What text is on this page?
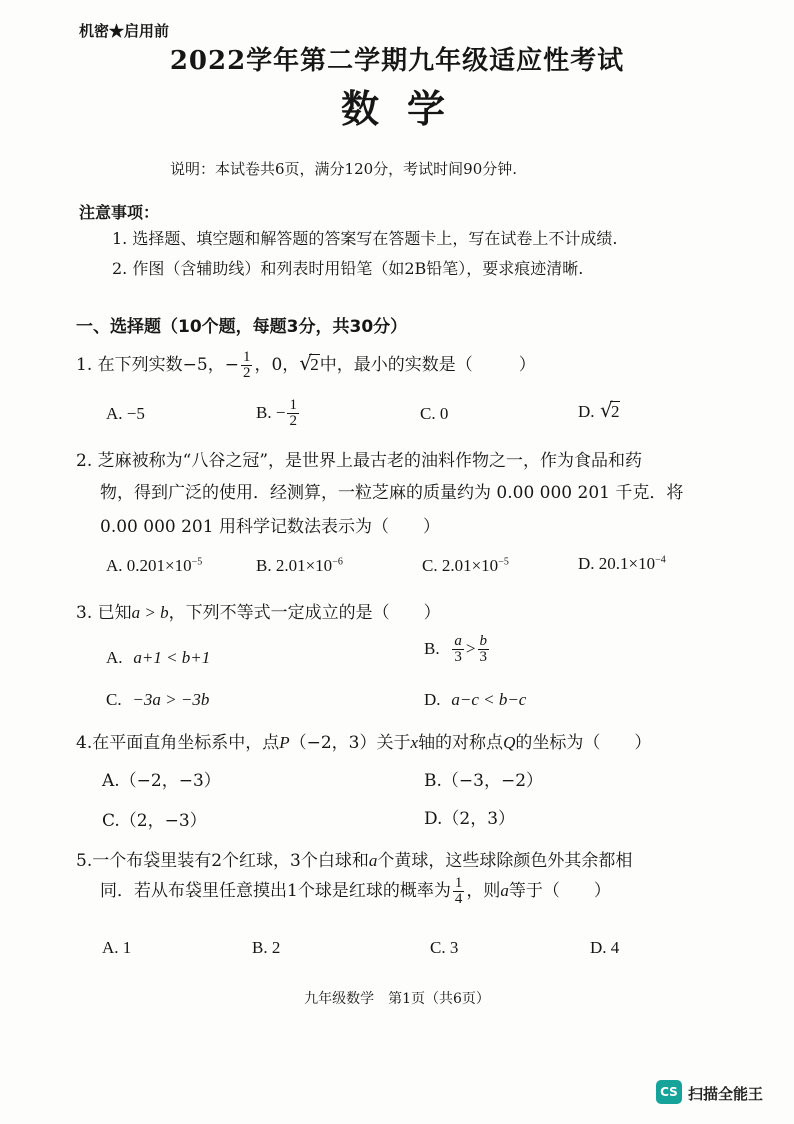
机密★启用前
2022学年第二学期九年级适应性考试
数学
说明：本试卷共6页，满分120分，考试时间90分钟.
注意事项：
1. 选择题、填空题和解答题的答案写在答题卡上，写在试卷上不计成绩.
2. 作图（含辅助线）和列表时用铅笔（如2B铅笔），要求痕迹清晰.
一、选择题（10个题，每题3分，共30分）
1. 在下列实数−5，− $\frac{1}{2}$ ，0， √
2中，最小的实数是（　　	）
A. −5	B. − $\frac{1}{2}$	C. 0	D. √
2
2. 芝麻被称为“八谷之冠”，是世界上最古老的油料作物之一，作为食品和药
物，得到广泛的使用．经测算，一粒芝麻的质量约为 0.00 000 201 千克．将
0.00 000 201 用科学记数法表示为（　　）
A. $0.201\times 10^{-5}$	B. $2.01\times 10^{-6}$	C. $2.01\times 10^{-5}$	D. $20.1\times 10^{-4}$
3. 已知a > b，下列不等式一定成立的是（　　）
A. a+1 < b+1	B. $\frac{a}{3} > \frac{b}{3}$
C. −3a > −3b	D. a−c < b−c
4.在平面直角坐标系中，点P（−2，3）关于x轴的对称点Q的坐标为（　　）
A.（−2，−3）	B.（−3，−2）
C.（2，−3）	D.（2，3）
5.一个布袋里装有2个红球，3个白球和a个黄球，这些球除颜色外其余都相
同．若从布袋里任意摸出1个球是红球的概率为 $\frac{1}{4}$ ，则a等于（　　）
A. 1	B. 2	C. 3	D. 4
九年级数学　第1页（共6页）
CS 扫描全能王
